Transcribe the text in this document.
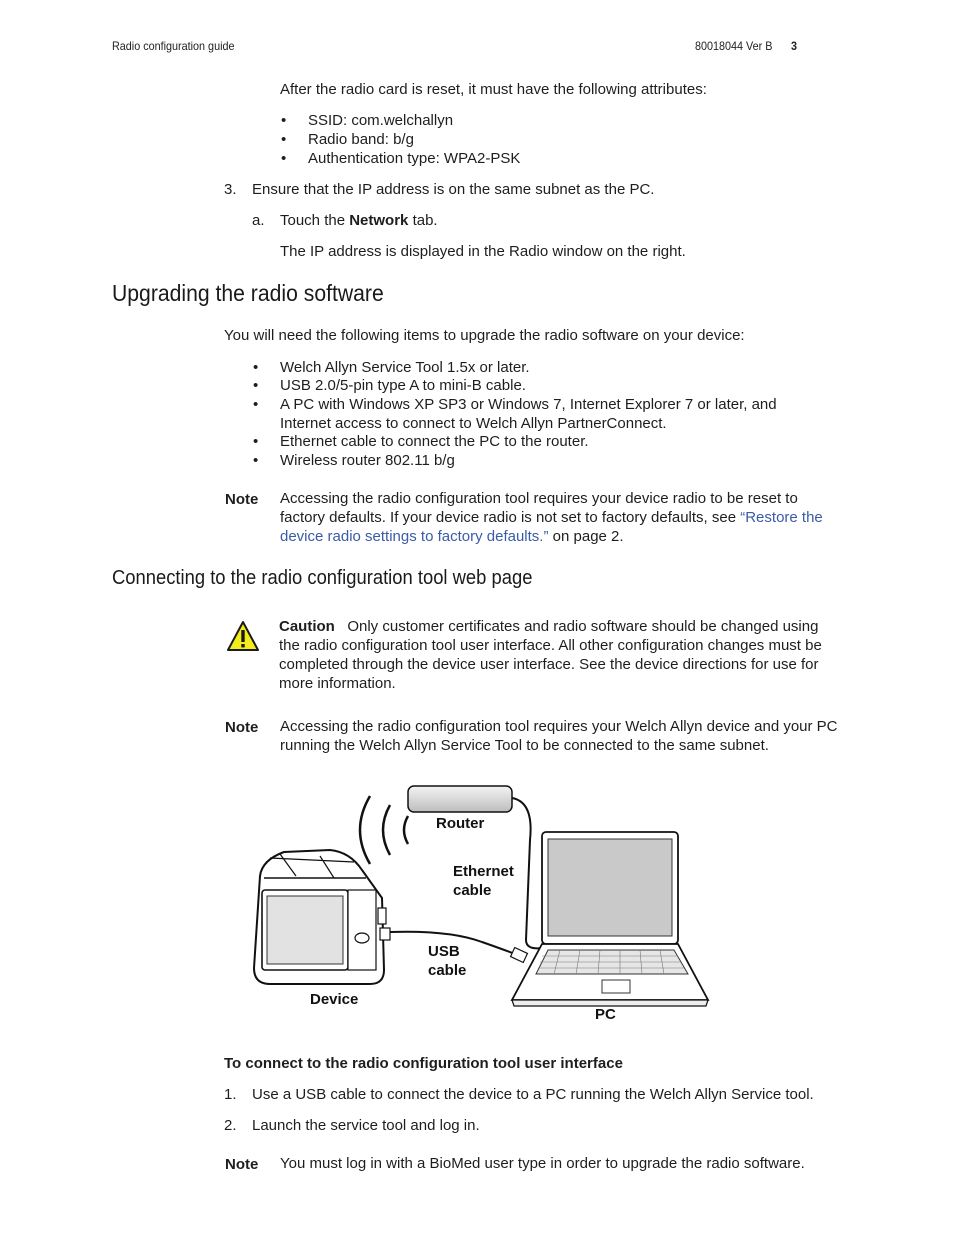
Radio configuration guide	80018044 Ver B 3
After the radio card is reset, it must have the following attributes:
• SSID: com.welchallyn
• Radio band: b/g
• Authentication type: WPA2-PSK
3. Ensure that the IP address is on the same subnet as the PC.
a. Touch the Network tab.
The IP address is displayed in the Radio window on the right.
Upgrading the radio software
You will need the following items to upgrade the radio software on your device:
• Welch Allyn Service Tool 1.5x or later.
• USB 2.0/5-pin type A to mini-B cable.
• A PC with Windows XP SP3 or Windows 7, Internet Explorer 7 or later, and Internet access to connect to Welch Allyn PartnerConnect.
• Ethernet cable to connect the PC to the router.
• Wireless router 802.11 b/g
Note Accessing the radio configuration tool requires your device radio to be reset to factory defaults. If your device radio is not set to factory defaults, see “Restore the device radio settings to factory defaults.” on page 2.
Connecting to the radio configuration tool web page
Caution Only customer certificates and radio software should be changed using the radio configuration tool user interface. All other configuration changes must be completed through the device user interface. See the device directions for use for more information.
Note Accessing the radio configuration tool requires your Welch Allyn device and your PC running the Welch Allyn Service Tool to be connected to the same subnet.
Router
Ethernet
cable
USB
cable
Device
PC
To connect to the radio configuration tool user interface
1. Use a USB cable to connect the device to a PC running the Welch Allyn Service tool.
2. Launch the service tool and log in.
Note You must log in with a BioMed user type in order to upgrade the radio software.
